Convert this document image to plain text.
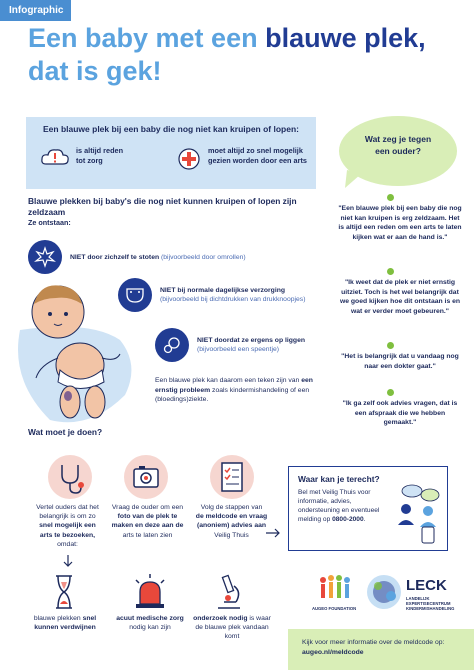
Infographic
Een baby met een blauwe plek,
dat is gek!
Een blauwe plek bij een baby die nog niet kan kruipen of lopen:
is altijd reden
tot zorg
moet altijd zo snel mogelijk
gezien worden door een arts
Wat zeg je tegen
een ouder?
Blauwe plekken bij baby's die nog niet kunnen kruipen of lopen zijn zeldzaam
Ze ontstaan:
NIET door zichzelf te stoten (bijvoorbeeld door omrollen)
NIET bij normale dagelijkse verzorging
(bijvoorbeeld bij dichtdrukken van drukknoopjes)
NIET doordat ze ergens op liggen
(bijvoorbeeld een speentje)
Een blauwe plek kan daarom een teken zijn van een ernstig probleem zoals kindermishandeling of een (bloedings)ziekte.
"Een blauwe plek bij een baby die nog niet kan kruipen is erg zeldzaam. Het is altijd een reden om een arts te laten kijken wat er aan de hand is."
"Ik weet dat de plek er niet ernstig uitziet. Toch is het wel belangrijk dat we goed kijken hoe dit ontstaan is en wat er verder moet gebeuren."
"Het is belangrijk dat u vandaag nog naar een dokter gaat."
"Ik ga zelf ook advies vragen, dat is een afspraak die we hebben gemaakt."
Wat moet je doen?
Vertel ouders dat het
belangrijk is om zo
snel mogelijk een
arts te bezoeken,
omdat:
Vraag de ouder om een
foto van de plek te
maken en deze aan de
arts te laten zien
Volg de stappen van
de meldcode en vraag
(anoniem) advies aan
Veilig Thuis
Waar kan je terecht?
Bel met Veilig Thuis voor informatie, advies, ondersteuning en eventueel melding op 0800-2000.
blauwe plekken snel kunnen verdwijnen
acuut medische zorg nodig kan zijn
onderzoek nodig is waar de blauwe plek vandaan komt
AUGEO FOUNDATION
LECK
LANDELIJK EXPERTISECENTRUM KINDERMISHANDELING
Kijk voor meer informatie over de meldcode op:
augeo.nl/meldcode
